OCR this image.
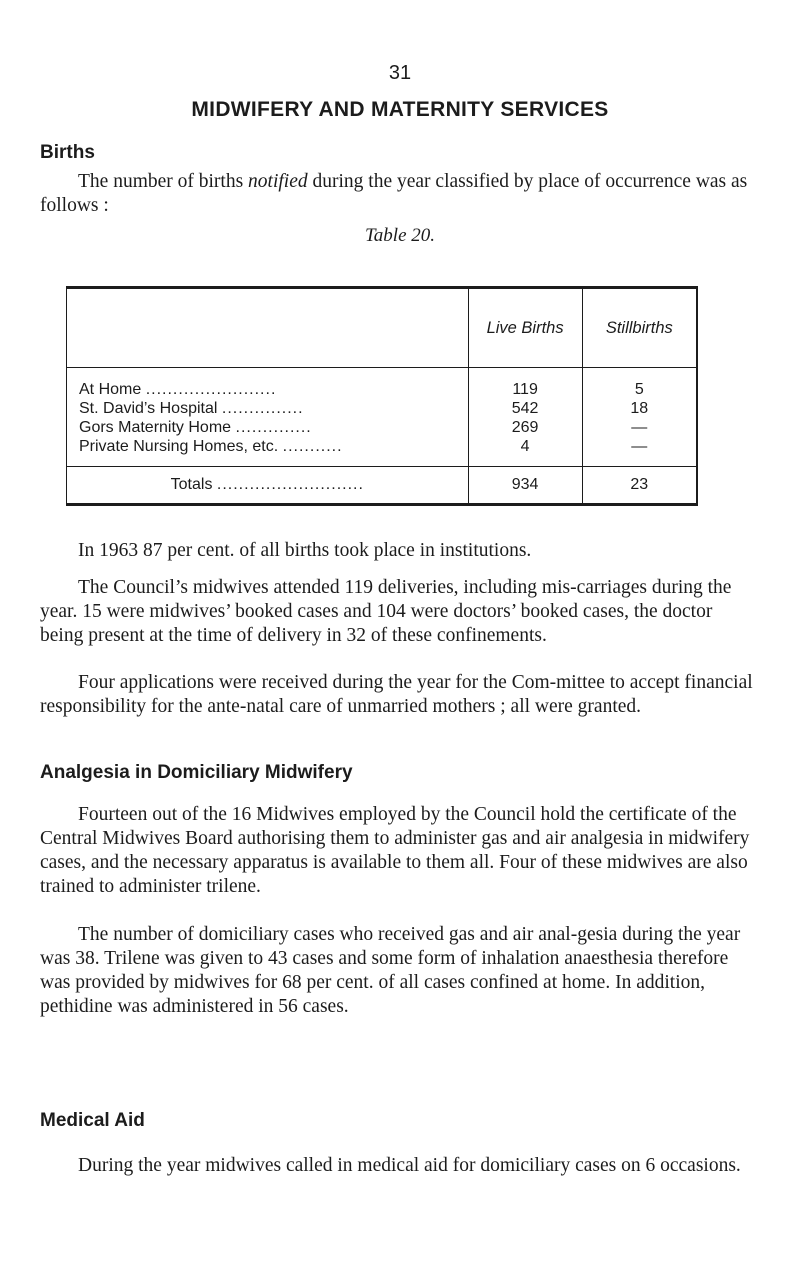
31
MIDWIFERY AND MATERNITY SERVICES
Births

The number of births notified during the year classified by place of occurrence was as follows :

Table 20.
	Live Births	Stillbirths
At Home ........................	119	5
St. David’s Hospital ...............	542	18
Gors Maternity Home ..............	269	—
Private Nursing Homes, etc. ...........	4	—
Totals ...........................	934	23

In 1963 87 per cent. of all births took place in institutions.

The Council’s midwives attended 119 deliveries, including mis-carriages during the year. 15 were midwives’ booked cases and 104 were doctors’ booked cases, the doctor being present at the time of delivery in 32 of these confinements.

Four applications were received during the year for the Com-mittee to accept financial responsibility for the ante-natal care of unmarried mothers ; all were granted.

Analgesia in Domiciliary Midwifery

Fourteen out of the 16 Midwives employed by the Council hold the certificate of the Central Midwives Board authorising them to administer gas and air analgesia in midwifery cases, and the necessary apparatus is available to them all. Four of these midwives are also trained to administer trilene.

The number of domiciliary cases who received gas and air anal-gesia during the year was 38. Trilene was given to 43 cases and some form of inhalation anaesthesia therefore was provided by midwives for 68 per cent. of all cases confined at home. In addition, pethidine was administered in 56 cases.

Medical Aid

During the year midwives called in medical aid for domiciliary cases on 6 occasions.
